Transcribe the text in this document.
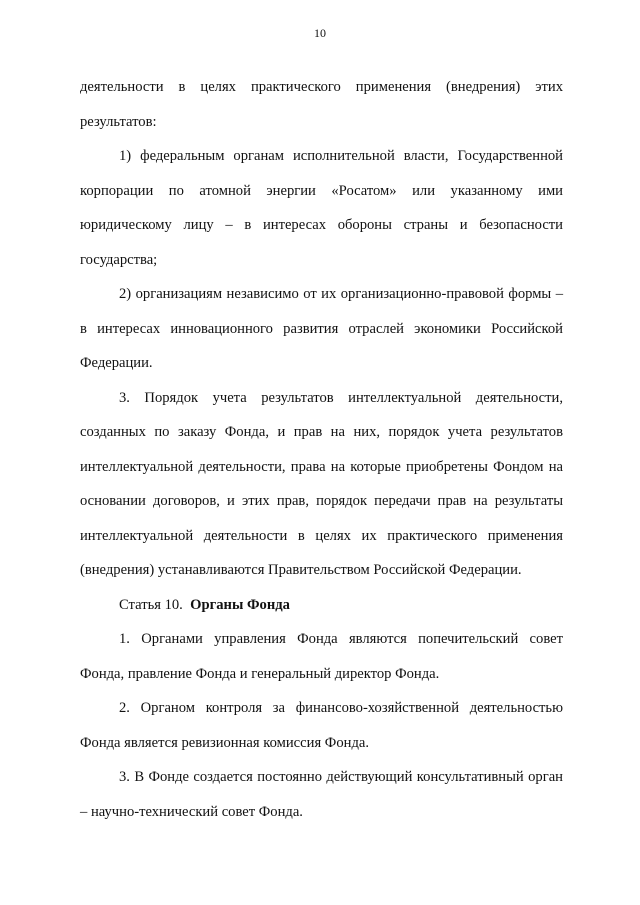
10

деятельности в целях практического применения (внедрения) этих результатов:

1) федеральным органам исполнительной власти, Государственной корпорации по атомной энергии «Росатом» или указанному ими юридическому лицу – в интересах обороны страны и безопасности государства;

2) организациям независимо от их организационно-правовой формы – в интересах инновационного развития отраслей экономики Российской Федерации.

3. Порядок учета результатов интеллектуальной деятельности, созданных по заказу Фонда, и прав на них, порядок учета результатов интеллектуальной деятельности, права на которые приобретены Фондом на основании договоров, и этих прав, порядок передачи прав на результаты интеллектуальной деятельности в целях их практического применения (внедрения) устанавливаются Правительством Российской Федерации.

Статья 10. Органы Фонда

1. Органами управления Фонда являются попечительский совет Фонда, правление Фонда и генеральный директор Фонда.

2. Органом контроля за финансово-хозяйственной деятельностью Фонда является ревизионная комиссия Фонда.

3. В Фонде создается постоянно действующий консультативный орган – научно-технический совет Фонда.
